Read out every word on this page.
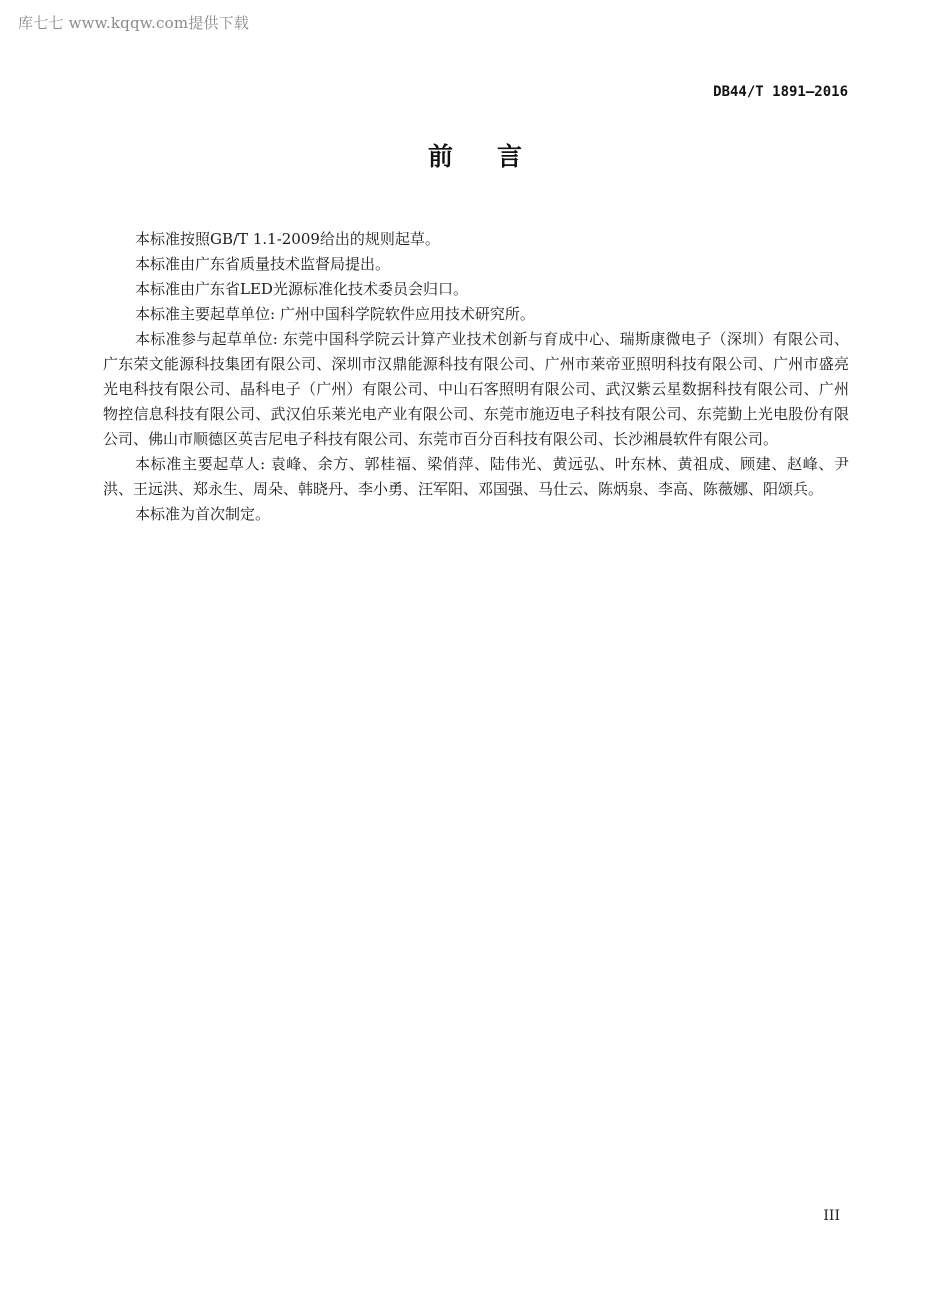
库七七 www.kqqw.com提供下载
DB44/T 1891—2016
前言

本标准按照GB/T 1.1-2009给出的规则起草。

本标准由广东省质量技术监督局提出。

本标准由广东省LED光源标准化技术委员会归口。

本标准主要起草单位: 广州中国科学院软件应用技术研究所。

本标准参与起草单位: 东莞中国科学院云计算产业技术创新与育成中心、瑞斯康微电子（深圳）有限公司、广东荣文能源科技集团有限公司、深圳市汉鼎能源科技有限公司、广州市莱帝亚照明科技有限公司、广州市盛亮光电科技有限公司、晶科电子（广州）有限公司、中山石客照明有限公司、武汉紫云星数据科技有限公司、广州物控信息科技有限公司、武汉伯乐莱光电产业有限公司、东莞市施迈电子科技有限公司、东莞勤上光电股份有限公司、佛山市顺德区英吉尼电子科技有限公司、东莞市百分百科技有限公司、长沙湘晨软件有限公司。

本标准主要起草人: 袁峰、余方、郭桂福、梁俏萍、陆伟光、黄远弘、叶东林、黄祖成、顾建、赵峰、尹洪、王远洪、郑永生、周朵、韩晓丹、李小勇、汪军阳、邓国强、马仕云、陈炳泉、李高、陈薇娜、阳颂兵。

本标准为首次制定。

III
